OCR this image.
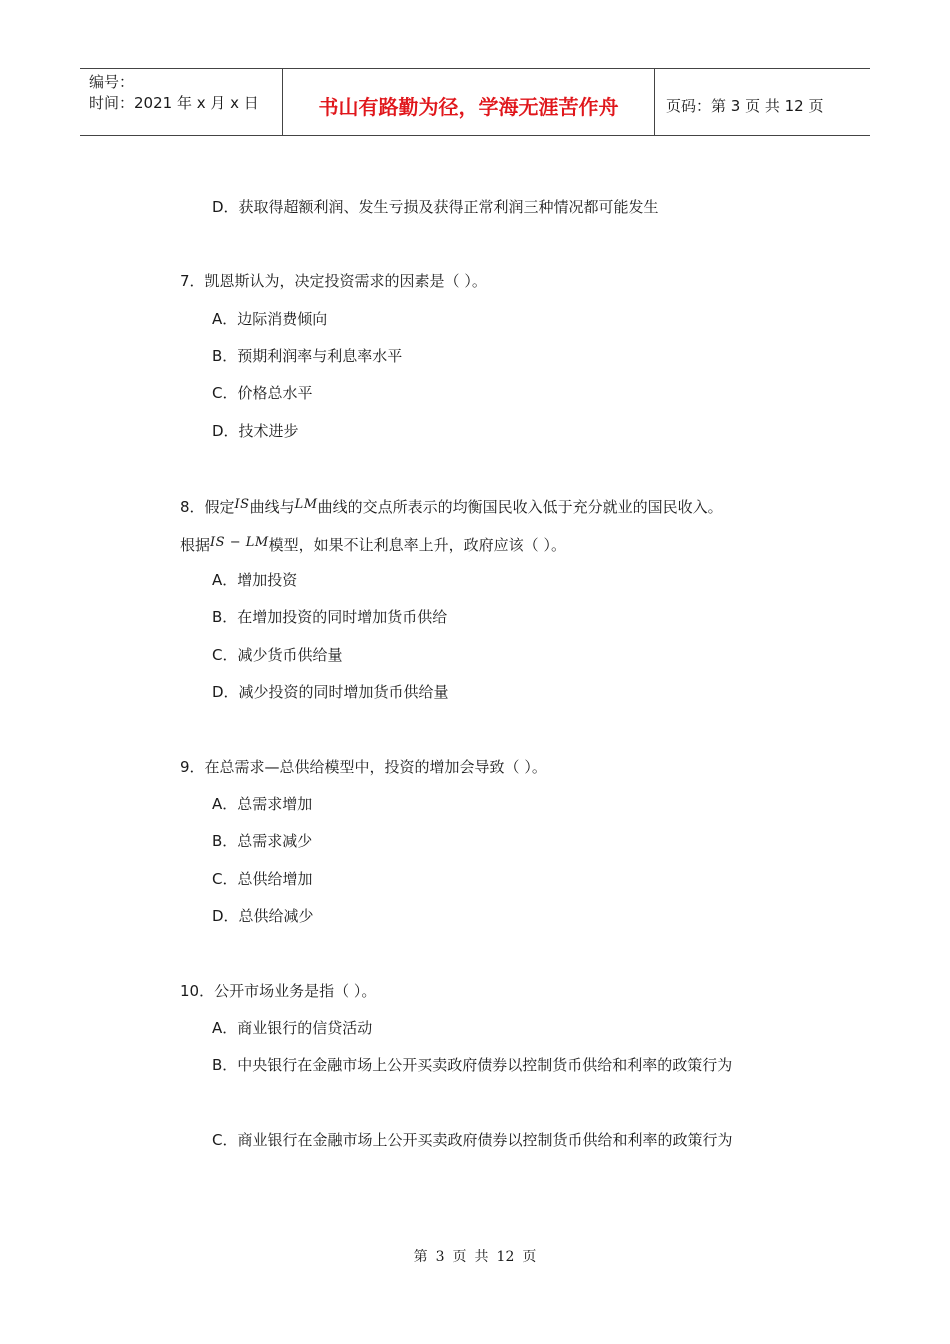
编号：
时间：2021 年 x 月 x 日	书山有路勤为径，学海无涯苦作舟	页码：第 3 页 共 12 页
D．获取得超额利润、发生亏损及获得正常利润三种情况都可能发生
7．凯恩斯认为，决定投资需求的因素是（ ）。
A．边际消费倾向
B．预期利润率与利息率水平
C．价格总水平
D．技术进步
8．假定IS曲线与LM曲线的交点所表示的均衡国民收入低于充分就业的国民收入。
根据IS − LM模型，如果不让利息率上升，政府应该（ ）。
A．增加投资
B．在增加投资的同时增加货币供给
C．减少货币供给量
D．减少投资的同时增加货币供给量
9．在总需求—总供给模型中，投资的增加会导致（ ）。
A．总需求增加
B．总需求减少
C．总供给增加
D．总供给减少
10．公开市场业务是指（ ）。
A．商业银行的信贷活动
B．中央银行在金融市场上公开买卖政府债券以控制货币供给和利率的政策行为
C．商业银行在金融市场上公开买卖政府债券以控制货币供给和利率的政策行为
第 3 页 共 12 页
